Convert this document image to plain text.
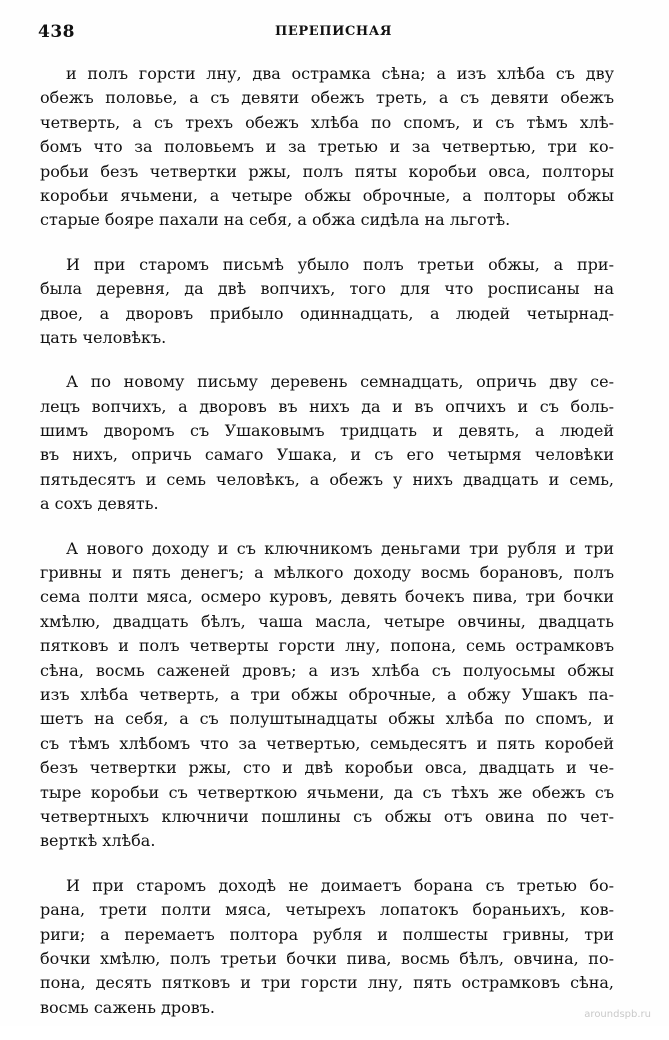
438	ПЕРЕПИСНАЯ
и полъ горсти лну, два острамка сѣна; а изъ хлѣба съ дву
обежъ половье, а съ девяти обежъ треть, а съ девяти обежъ
четверть, а съ трехъ обежъ хлѣба по спомъ, и съ тѣмъ хлѣ-
бомъ что за половьемъ и за третью и за четвертью, три ко-
робьи безъ четвертки ржы, полъ пяты коробьи овса, полторы
коробьи ячьмени, а четыре обжы оброчные, а полторы обжы
старые бояре пахали на себя, а обжа сидѣла на льготѣ.
И при старомъ письмѣ убыло полъ третьи обжы, а при-
была деревня, да двѣ вопчихъ, того для что росписаны на
двое, а дворовъ прибыло одиннадцать, а людей четырнад-
цать человѣкъ.
А по новому письму деревень семнадцать, опричь дву се-
лецъ вопчихъ, а дворовъ въ нихъ да и въ опчихъ и съ боль-
шимъ дворомъ съ Ушаковымъ тридцать и девять, а людей
въ нихъ, опричь самаго Ушака, и съ его четырмя человѣки
пятьдесятъ и семь человѣкъ, а обежъ у нихъ двадцать и семь,
а сохъ девять.
А нового доходу и съ ключникомъ деньгами три рубля и три
гривны и пять денегъ; а мѣлкого доходу восмь борановъ, полъ
сема полти мяса, осмеро куровъ, девять бочекъ пива, три бочки
хмѣлю, двадцать бѣлъ, чаша масла, четыре овчины, двадцать
пятковъ и полъ четверты горсти лну, попона, семь острамковъ
сѣна, восмь саженей дровъ; а изъ хлѣба съ полуосьмы обжы
изъ хлѣба четверть, а три обжы оброчные, а обжу Ушакъ па-
шетъ на себя, а съ полуштынадцаты обжы хлѣба по спомъ, и
съ тѣмъ хлѣбомъ что за четвертью, семьдесятъ и пять коробей
безъ четвертки ржы, сто и двѣ коробьи овса, двадцать и че-
тыре коробьи съ четверткою ячьмени, да съ тѣхъ же обежъ съ
четвертныхъ ключничи пошлины съ обжы отъ овина по чет-
верткѣ хлѣба.
И при старомъ доходѣ не доимаетъ борана съ третью бо-
рана, трети полти мяса, четырехъ лопатокъ бораньихъ, ков-
риги; а перемаетъ полтора рубля и полшесты гривны, три
бочки хмѣлю, полъ третьи бочки пива, восмь бѣлъ, овчина, по-
пона, десять пятковъ и три горсти лну, пять острамковъ сѣна,
восмь сажень дровъ.	aroundspb.ru
